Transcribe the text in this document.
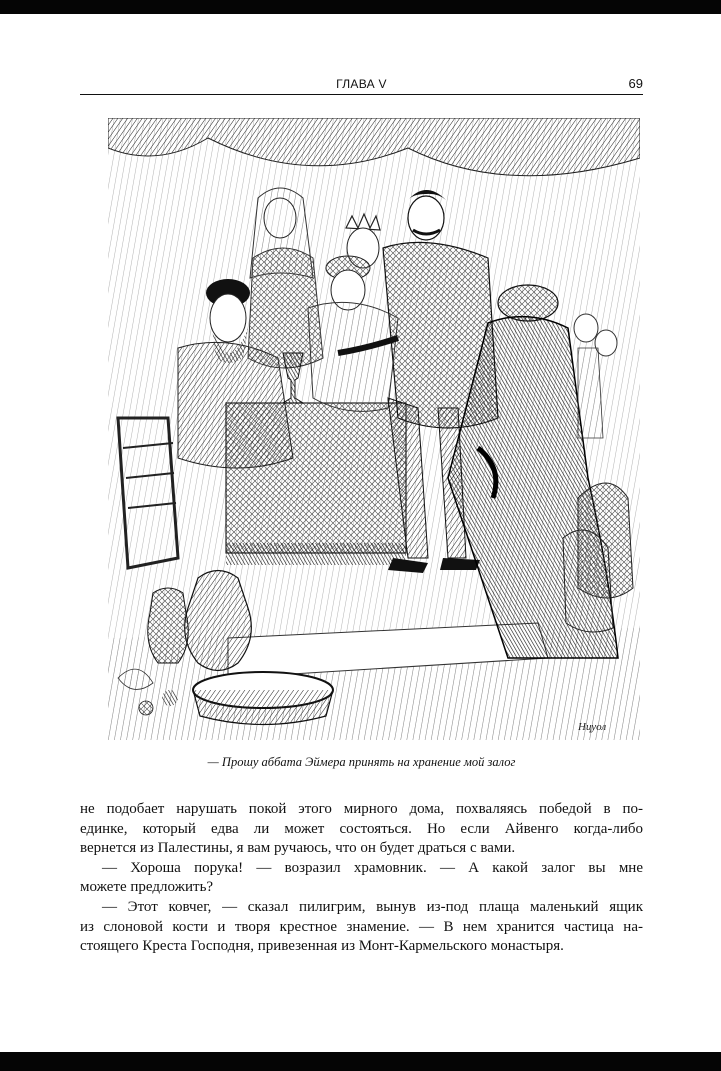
ГЛАВА V	69
Нцуол
— Прошу аббата Эймера принять на хранение мой залог
не подобает нарушать покой этого мирного дома, похваляясь победой в по-
единке, который едва ли может состояться. Но если Айвенго когда-либо
вернется из Палестины, я вам ручаюсь, что он будет драться с вами.
— Хороша порука! — возразил храмовник. — А какой залог вы мне
можете предложить?
— Этот ковчег, — сказал пилигрим, вынув из-под плаща маленький ящик
из слоновой кости и творя крестное знамение. — В нем хранится частица на-
стоящего Креста Господня, привезенная из Монт-Кармельского монастыря.
